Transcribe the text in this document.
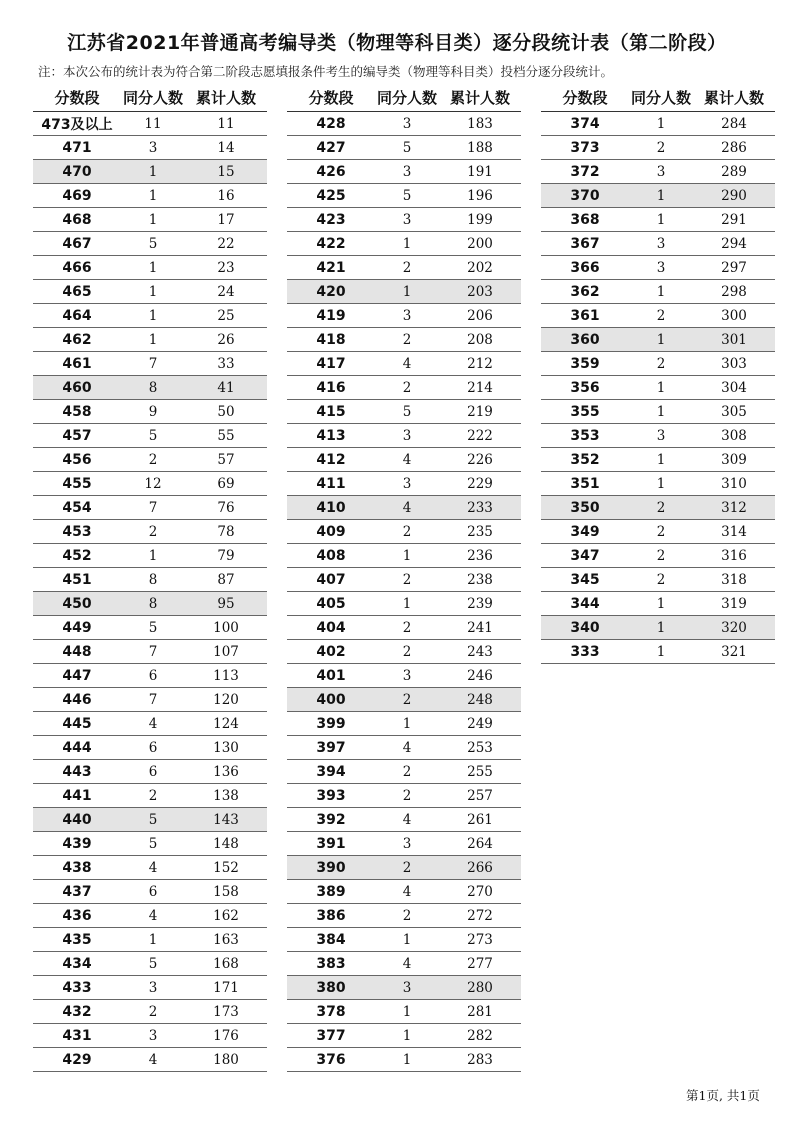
江苏省2021年普通高考编导类（物理等科目类）逐分段统计表（第二阶段）

注：本次公布的统计表为符合第二阶段志愿填报条件考生的编导类（物理等科目类）投档分逐分段统计。

分数段	同分人数	累计人数
473及以上	11	11
471	3	14
470	1	15
469	1	16
468	1	17
467	5	22
466	1	23
465	1	24
464	1	25
462	1	26
461	7	33
460	8	41
458	9	50
457	5	55
456	2	57
455	12	69
454	7	76
453	2	78
452	1	79
451	8	87
450	8	95
449	5	100
448	7	107
447	6	113
446	7	120
445	4	124
444	6	130
443	6	136
441	2	138
440	5	143
439	5	148
438	4	152
437	6	158
436	4	162
435	1	163
434	5	168
433	3	171
432	2	173
431	3	176
429	4	180
分数段	同分人数	累计人数
428	3	183
427	5	188
426	3	191
425	5	196
423	3	199
422	1	200
421	2	202
420	1	203
419	3	206
418	2	208
417	4	212
416	2	214
415	5	219
413	3	222
412	4	226
411	3	229
410	4	233
409	2	235
408	1	236
407	2	238
405	1	239
404	2	241
402	2	243
401	3	246
400	2	248
399	1	249
397	4	253
394	2	255
393	2	257
392	4	261
391	3	264
390	2	266
389	4	270
386	2	272
384	1	273
383	4	277
380	3	280
378	1	281
377	1	282
376	1	283
分数段	同分人数	累计人数
374	1	284
373	2	286
372	3	289
370	1	290
368	1	291
367	3	294
366	3	297
362	1	298
361	2	300
360	1	301
359	2	303
356	1	304
355	1	305
353	3	308
352	1	309
351	1	310
350	2	312
349	2	314
347	2	316
345	2	318
344	1	319
340	1	320
333	1	321
第1页, 共1页
